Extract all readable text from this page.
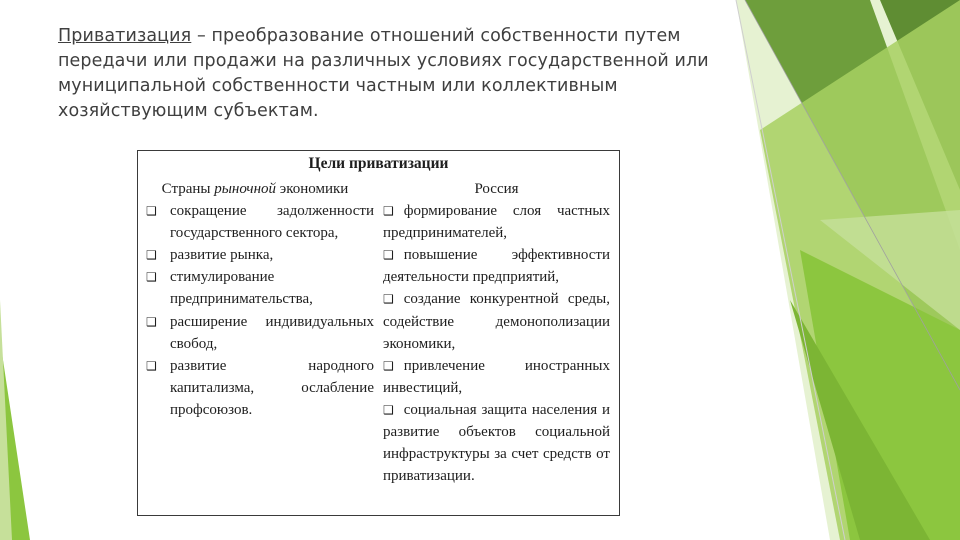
Приватизация – преобразование отношений собственности путем передачи или продажи на различных условиях государственной или муниципальной собственности частным или коллективным хозяйствующим субъектам.
Цели приватизации
Страны рыночной экономики
❑ сокращение задолженности государственного сектора,
❑ развитие рынка,
❑ стимулирование предпринимательства,
❑ расширение индивидуальных свобод,
❑ развитие народного капитализма, ослабление профсоюзов.
Россия
❑ формирование слоя частных предпринимателей,
❑ повышение эффективности деятельности предприятий,
❑ создание конкурентной среды, содействие демонополизации экономики,
❑ привлечение иностранных инвестиций,
❑ социальная защита населения и развитие объектов социальной инфраструктуры за счет средств от приватизации.
